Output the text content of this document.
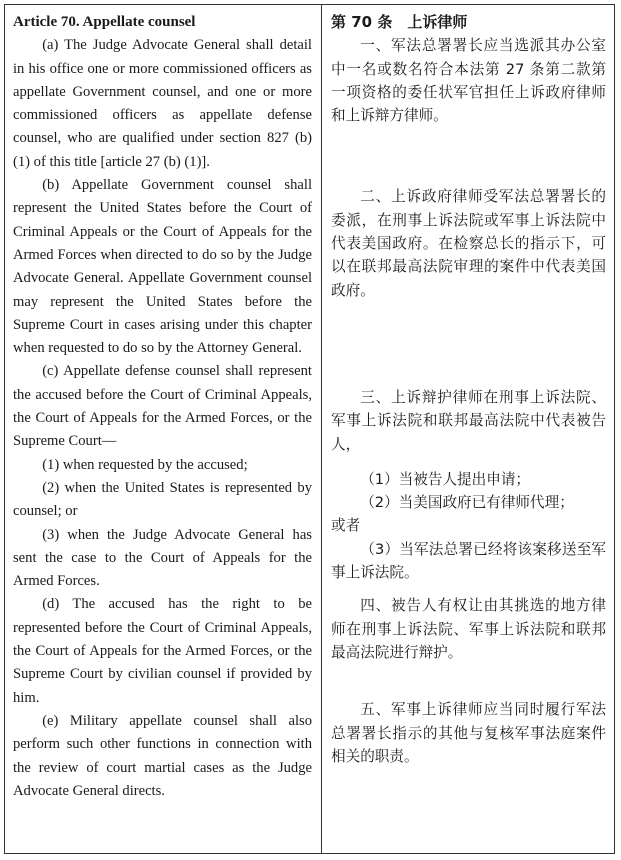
Article 70. Appellate counsel

(a) The Judge Advocate General shall detail in his office one or more commissioned officers as appellate Government counsel, and one or more commissioned officers as appellate defense counsel, who are qualified under section 827 (b) (1) of this title [article 27 (b) (1)].

(b) Appellate Government counsel shall represent the United States before the Court of Criminal Appeals or the Court of Appeals for the Armed Forces when directed to do so by the Judge Advocate General. Appellate Government counsel may represent the United States before the Supreme Court in cases arising under this chapter when requested to do so by the Attorney General.

(c) Appellate defense counsel shall represent the accused before the Court of Criminal Appeals, the Court of Appeals for the Armed Forces, or the Supreme Court—

(1) when requested by the accused;

(2) when the United States is represented by counsel; or

(3) when the Judge Advocate General has sent the case to the Court of Appeals for the Armed Forces.

(d) The accused has the right to be represented before the Court of Criminal Appeals, the Court of Appeals for the Armed Forces, or the Supreme Court by civilian counsel if provided by him.

(e) Military appellate counsel shall also perform such other functions in connection with the review of court martial cases as the Judge Advocate General directs.

第 70 条　上诉律师

一、军法总署署长应当选派其办公室中一名或数名符合本法第 27 条第二款第一项资格的委任状军官担任上诉政府律师和上诉辩方律师。

二、上诉政府律师受军法总署署长的委派，在刑事上诉法院或军事上诉法院中代表美国政府。在检察总长的指示下，可以在联邦最高法院审理的案件中代表美国政府。

三、上诉辩护律师在刑事上诉法院、军事上诉法院和联邦最高法院中代表被告人，

（1）当被告人提出申请；

（2）当美国政府已有律师代理；

或者

（3）当军法总署已经将该案移送至军事上诉法院。

四、被告人有权让由其挑选的地方律师在刑事上诉法院、军事上诉法院和联邦最高法院进行辩护。

五、军事上诉律师应当同时履行军法总署署长指示的其他与复核军事法庭案件相关的职责。
